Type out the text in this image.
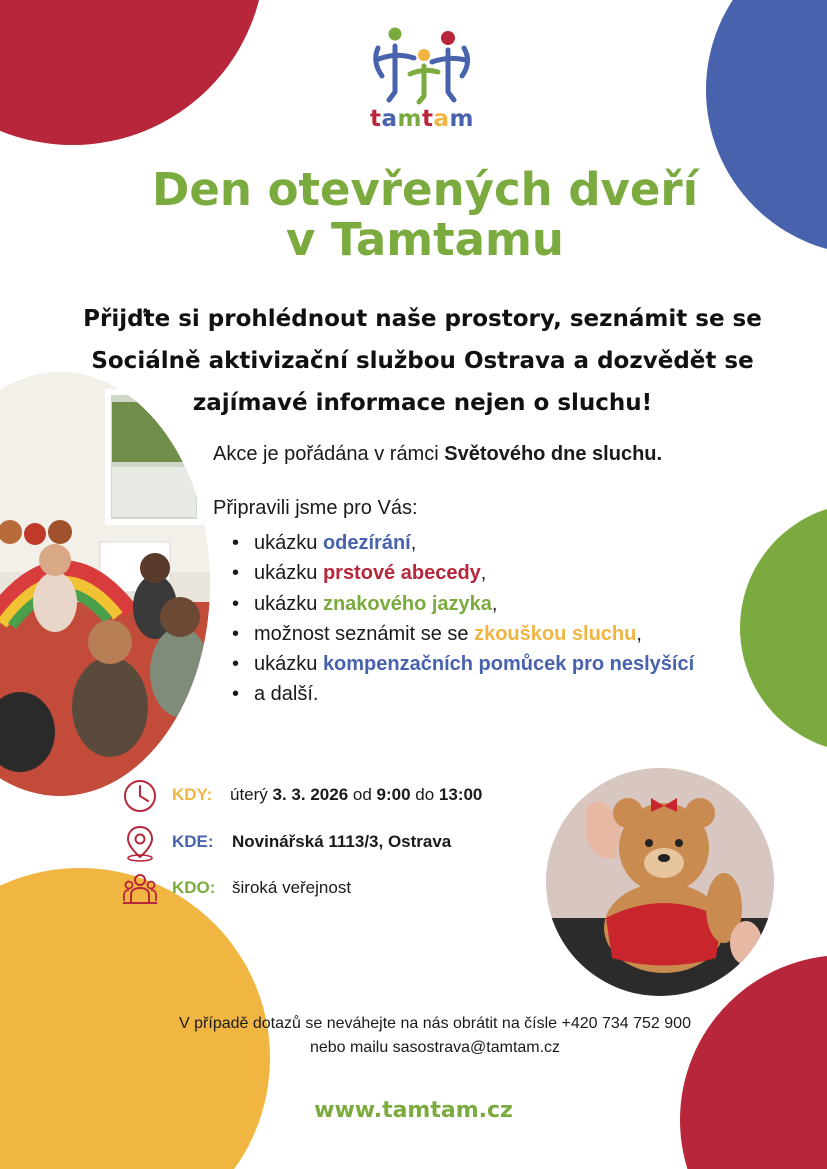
tamtam
Den otevřených dveří
v Tamtamu
Přijďte si prohlédnout naše prostory, seznámit se se
Sociálně aktivizační službou Ostrava a dozvědět se
zajímavé informace nejen o sluchu!
Akce je pořádána v rámci Světového dne sluchu.
Připravili jsme pro Vás:
• ukázku odezírání,
• ukázku prstové abecedy,
• ukázku znakového jazyka,
• možnost seznámit se se zkouškou sluchu,
• ukázku kompenzačních pomůcek pro neslyšící
• a další.
KDY: úterý 3. 3. 2026 od 9:00 do 13:00
KDE: Novinářská 1113/3, Ostrava
KDO: široká veřejnost
V případě dotazů se neváhejte na nás obrátit na čísle +420 734 752 900
nebo mailu sasostrava@tamtam.cz
www.tamtam.cz
